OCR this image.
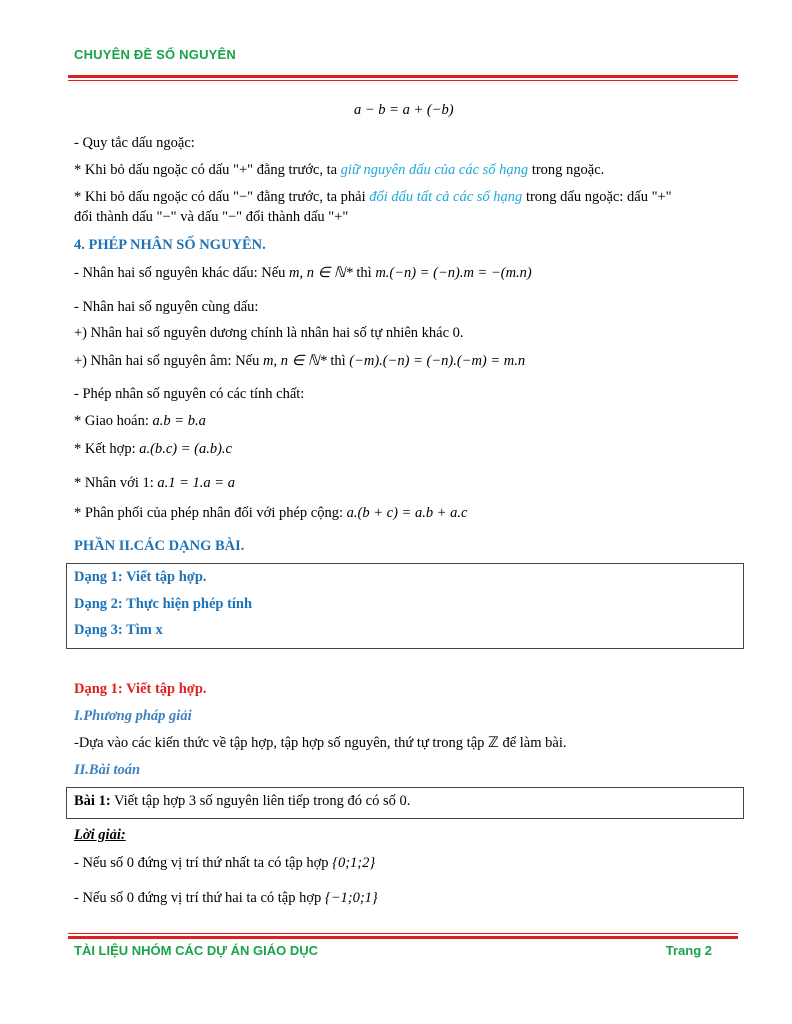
CHUYÊN ĐỀ SỐ NGUYÊN
a − b = a + (−b)
- Quy tắc dấu ngoặc:
* Khi bỏ dấu ngoặc có dấu "+" đằng trước, ta giữ nguyên dấu của các số hạng trong ngoặc.
* Khi bỏ dấu ngoặc có dấu "−" đằng trước, ta phải đổi dấu tất cả các số hạng trong dấu ngoặc: dấu "+"
đổi thành dấu "−" và dấu "−" đổi thành dấu "+"
4. PHÉP NHÂN SỐ NGUYÊN.
- Nhân hai số nguyên khác dấu: Nếu m, n ∈ ℕ* thì m.(−n) = (−n).m = −(m.n)
- Nhân hai số nguyên cùng dấu:
+) Nhân hai số nguyên dương chính là nhân hai số tự nhiên khác 0.
+) Nhân hai số nguyên âm: Nếu m, n ∈ ℕ* thì (−m).(−n) = (−n).(−m) = m.n
- Phép nhân số nguyên có các tính chất:
* Giao hoán: a.b = b.a
* Kết hợp: a.(b.c) = (a.b).c
* Nhân với 1: a.1 = 1.a = a
* Phân phối của phép nhân đối với phép cộng: a.(b + c) = a.b + a.c
PHẦN II.CÁC DẠNG BÀI.
Dạng 1: Viết tập hợp.
Dạng 2: Thực hiện phép tính
Dạng 3: Tìm x
Dạng 1: Viết tập hợp.
I.Phương pháp giải
-Dựa vào các kiến thức về tập hợp, tập hợp số nguyên, thứ tự trong tập ℤ để làm bài.
II.Bài toán
Bài 1: Viết tập hợp 3 số nguyên liên tiếp trong đó có số 0.
Lời giải:
- Nếu số 0 đứng vị trí thứ nhất ta có tập hợp {0;1;2}
- Nếu số 0 đứng vị trí thứ hai ta có tập hợp {−1;0;1}
TÀI LIỆU NHÓM CÁC DỰ ÁN GIÁO DỤC	Trang 2
